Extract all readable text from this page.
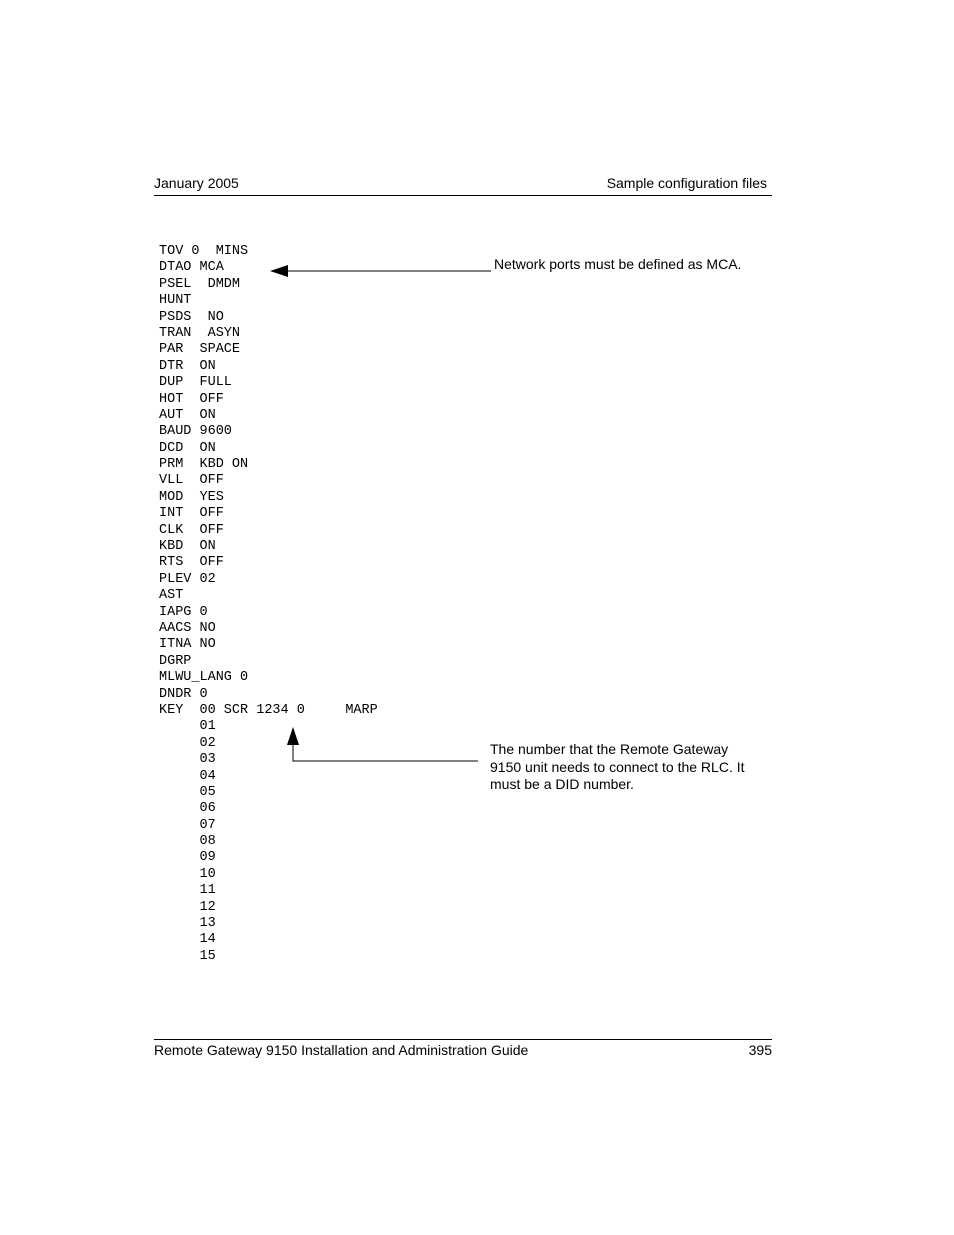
January 2005	Sample configuration files
TOV 0  MINS
DTAO MCA
PSEL  DMDM
HUNT
PSDS  NO
TRAN  ASYN
PAR  SPACE
DTR  ON
DUP  FULL
HOT  OFF
AUT  ON
BAUD 9600
DCD  ON
PRM  KBD ON
VLL  OFF
MOD  YES
INT  OFF
CLK  OFF
KBD  ON
RTS  OFF
PLEV 02
AST
IAPG 0
AACS NO
ITNA NO
DGRP
MLWU_LANG 0
DNDR 0
KEY  00 SCR 1234 0     MARP
01
02
03
04
05
06
07
08
09
10
11
12
13
14
15
Network ports must be defined as MCA.
The number that the Remote Gateway 9150 unit needs to connect to the RLC. It must be a DID number.
Remote Gateway 9150 Installation and Administration Guide	395
